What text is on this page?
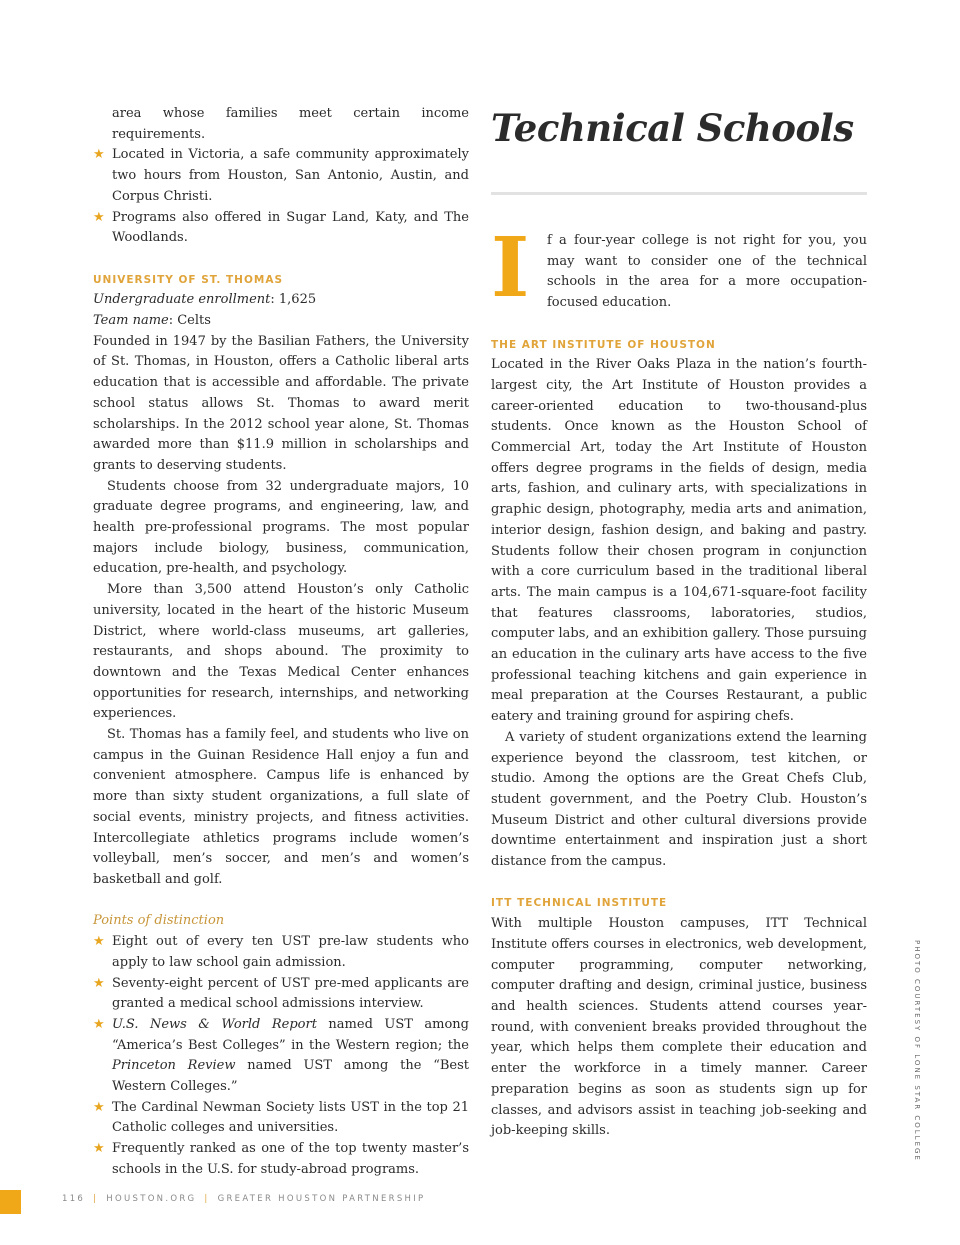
area whose families meet certain income requirements.

★ Located in Victoria, a safe community approximately two hours from Houston, San Antonio, Austin, and Corpus Christi.
★ Programs also offered in Sugar Land, Katy, and The Woodlands.
UNIVERSITY OF ST. THOMAS

Undergraduate enrollment: 1,625

Team name: Celts

Founded in 1947 by the Basilian Fathers, the University of St. Thomas, in Houston, offers a Catholic liberal arts education that is accessible and affordable. The private school status allows St. Thomas to award merit scholarships. In the 2012 school year alone, St. Thomas awarded more than $11.9 million in scholarships and grants to deserving students.

Students choose from 32 undergraduate majors, 10 graduate degree programs, and engineering, law, and health pre-professional programs. The most popular majors include biology, business, communication, education, pre-health, and psychology.

More than 3,500 attend Houston’s only Catholic university, located in the heart of the historic Museum District, where world-class museums, art galleries, restaurants, and shops abound. The proximity to downtown and the Texas Medical Center enhances opportunities for research, internships, and networking experiences.

St. Thomas has a family feel, and students who live on campus in the Guinan Residence Hall enjoy a fun and convenient atmosphere. Campus life is enhanced by more than sixty student organizations, a full slate of social events, ministry projects, and fitness activities. Intercollegiate athletics programs include women’s volleyball, men’s soccer, and men’s and women’s basketball and golf.

Points of distinction

★ Eight out of every ten UST pre-law students who apply to law school gain admission.
★ Seventy-eight percent of UST pre-med applicants are granted a medical school admissions interview.
★ U.S. News & World Report named UST among “America’s Best Colleges” in the Western region; the Princeton Review named UST among the “Best Western Colleges.”
★ The Cardinal Newman Society lists UST in the top 21 Catholic colleges and universities.
★ Frequently ranked as one of the top twenty master’s schools in the U.S. for study-abroad programs.
Technical Schools
I f a four-year college is not right for you, you may want to consider one of the technical schools in the area for a more occupation-focused education.

THE ART INSTITUTE OF HOUSTON

Located in the River Oaks Plaza in the nation’s fourth-largest city, the Art Institute of Houston provides a career-oriented education to two-thousand-plus students. Once known as the Houston School of Commercial Art, today the Art Institute of Houston offers degree programs in the fields of design, media arts, fashion, and culinary arts, with specializations in graphic design, photography, media arts and animation, interior design, fashion design, and baking and pastry. Students follow their chosen program in conjunction with a core curriculum based in the traditional liberal arts. The main campus is a 104,671-square-foot facility that features classrooms, laboratories, studios, computer labs, and an exhibition gallery. Those pursuing an education in the culinary arts have access to the five professional teaching kitchens and gain experience in meal preparation at the Courses Restaurant, a public eatery and training ground for aspiring chefs.

A variety of student organizations extend the learning experience beyond the classroom, test kitchen, or studio. Among the options are the Great Chefs Club, student government, and the Poetry Club. Houston’s Museum District and other cultural diversions provide downtime entertainment and inspiration just a short distance from the campus.

ITT TECHNICAL INSTITUTE

With multiple Houston campuses, ITT Technical Institute offers courses in electronics, web development, computer programming, computer networking, computer drafting and design, criminal justice, business and health sciences. Students attend courses year-round, with convenient breaks provided throughout the year, which helps them complete their education and enter the workforce in a timely manner. Career preparation begins as soon as students sign up for classes, and advisors assist in teaching job-seeking and job-keeping skills.	PHOTO COURTESY OF LONE STAR COLLEGE
116 | HOUSTON.ORG | GREATER HOUSTON PARTNERSHIP
